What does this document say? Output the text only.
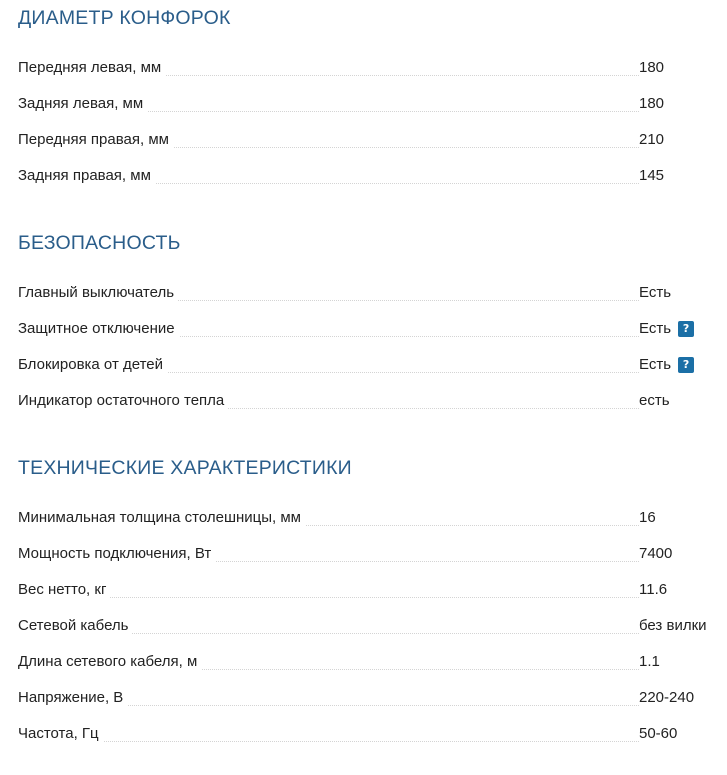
ДИАМЕТР КОНФОРОК
Передняя левая, мм	180
Задняя левая, мм	180
Передняя правая, мм	210
Задняя правая, мм	145
БЕЗОПАСНОСТЬ
Главный выключатель	Есть
Защитное отключение	Есть	?
Блокировка от детей	Есть	?
Индикатор остаточного тепла	есть
ТЕХНИЧЕСКИЕ ХАРАКТЕРИСТИКИ
Минимальная толщина столешницы, мм	16
Мощность подключения, Вт	7400
Вес нетто, кг	11.6
Сетевой кабель	без вилки
Длина сетевого кабеля, м	1.1
Напряжение, В	220-240
Частота, Гц	50-60
